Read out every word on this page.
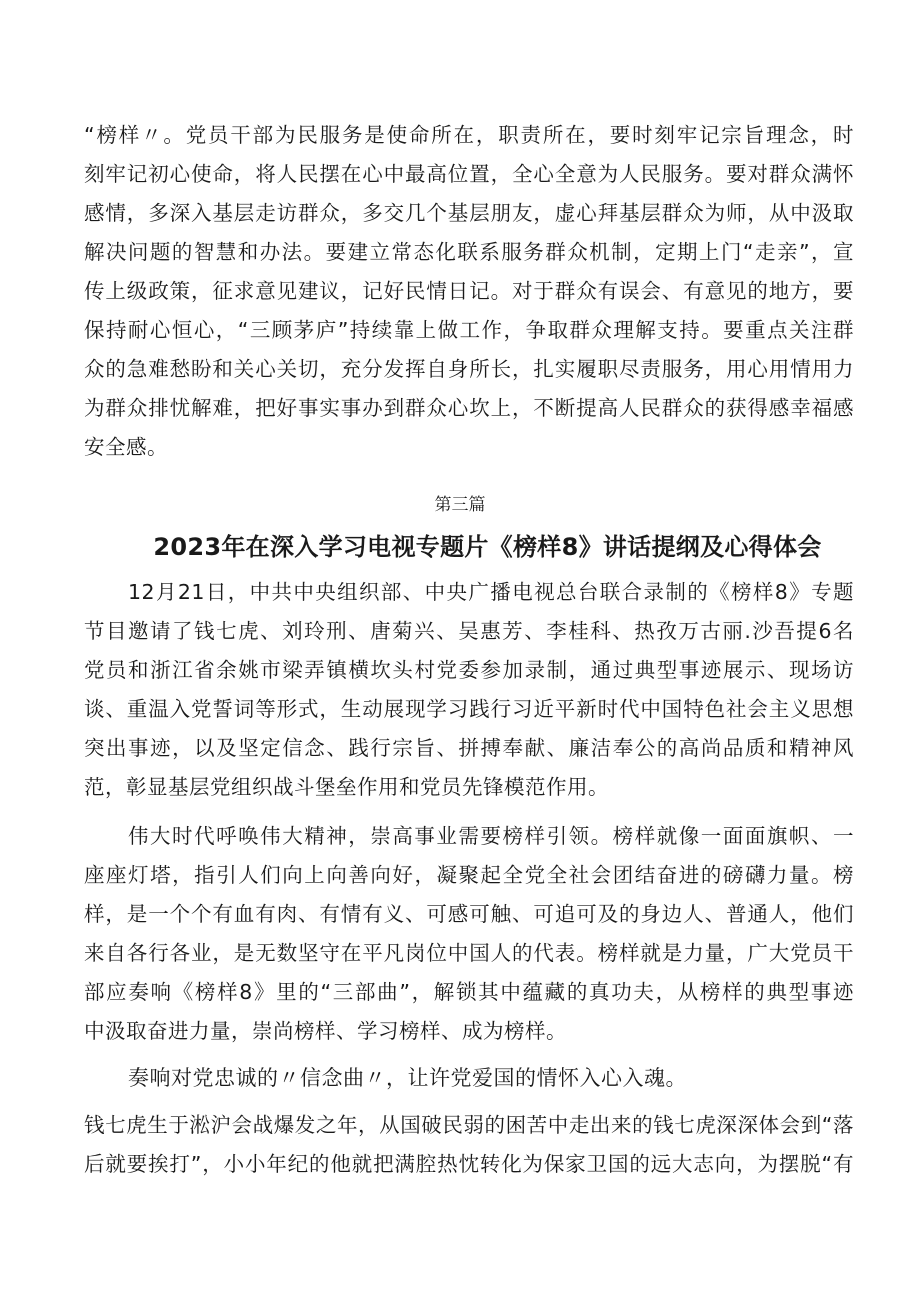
“榜样〃。党员干部为民服务是使命所在，职责所在，要时刻牢记宗旨理念，时
刻牢记初心使命，将人民摆在心中最高位置，全心全意为人民服务。要对群众满怀
感情，多深入基层走访群众，多交几个基层朋友，虚心拜基层群众为师，从中汲取
解决问题的智慧和办法。要建立常态化联系服务群众机制，定期上门“走亲”，宣
传上级政策，征求意见建议，记好民情日记。对于群众有误会、有意见的地方，要
保持耐心恒心，“三顾茅庐”持续靠上做工作，争取群众理解支持。要重点关注群
众的急难愁盼和关心关切，充分发挥自身所长，扎实履职尽责服务，用心用情用力
为群众排忧解难，把好事实事办到群众心坎上，不断提高人民群众的获得感幸福感
安全感。
第三篇
2023年在深入学习电视专题片《榜样8》讲话提纲及心得体会
12月21日，中共中央组织部、中央广播电视总台联合录制的《榜样8》专题
节目邀请了钱七虎、刘玲刑、唐菊兴、吴惠芳、李桂科、热孜万古丽.沙吾提6名
党员和浙江省余姚市梁弄镇横坎头村党委参加录制，通过典型事迹展示、现场访
谈、重温入党誓词等形式，生动展现学习践行习近平新时代中国特色社会主义思想
突出事迹，以及坚定信念、践行宗旨、拼搏奉献、廉洁奉公的高尚品质和精神风
范，彰显基层党组织战斗堡垒作用和党员先锋模范作用。
伟大时代呼唤伟大精神，崇高事业需要榜样引领。榜样就像一面面旗帜、一
座座灯塔，指引人们向上向善向好，凝聚起全党全社会团结奋进的磅礴力量。榜
样，是一个个有血有肉、有情有义、可感可触、可追可及的身边人、普通人，他们
来自各行各业，是无数坚守在平凡岗位中国人的代表。榜样就是力量，广大党员干
部应奏响《榜样8》里的“三部曲”，解锁其中蕴藏的真功夫，从榜样的典型事迹
中汲取奋进力量，崇尚榜样、学习榜样、成为榜样。
奏响对党忠诚的〃信念曲〃，让许党爱国的情怀入心入魂。
钱七虎生于淞沪会战爆发之年，从国破民弱的困苦中走出来的钱七虎深深体会到“落
后就要挨打”，小小年纪的他就把满腔热忱转化为保家卫国的远大志向，为摆脱“有
